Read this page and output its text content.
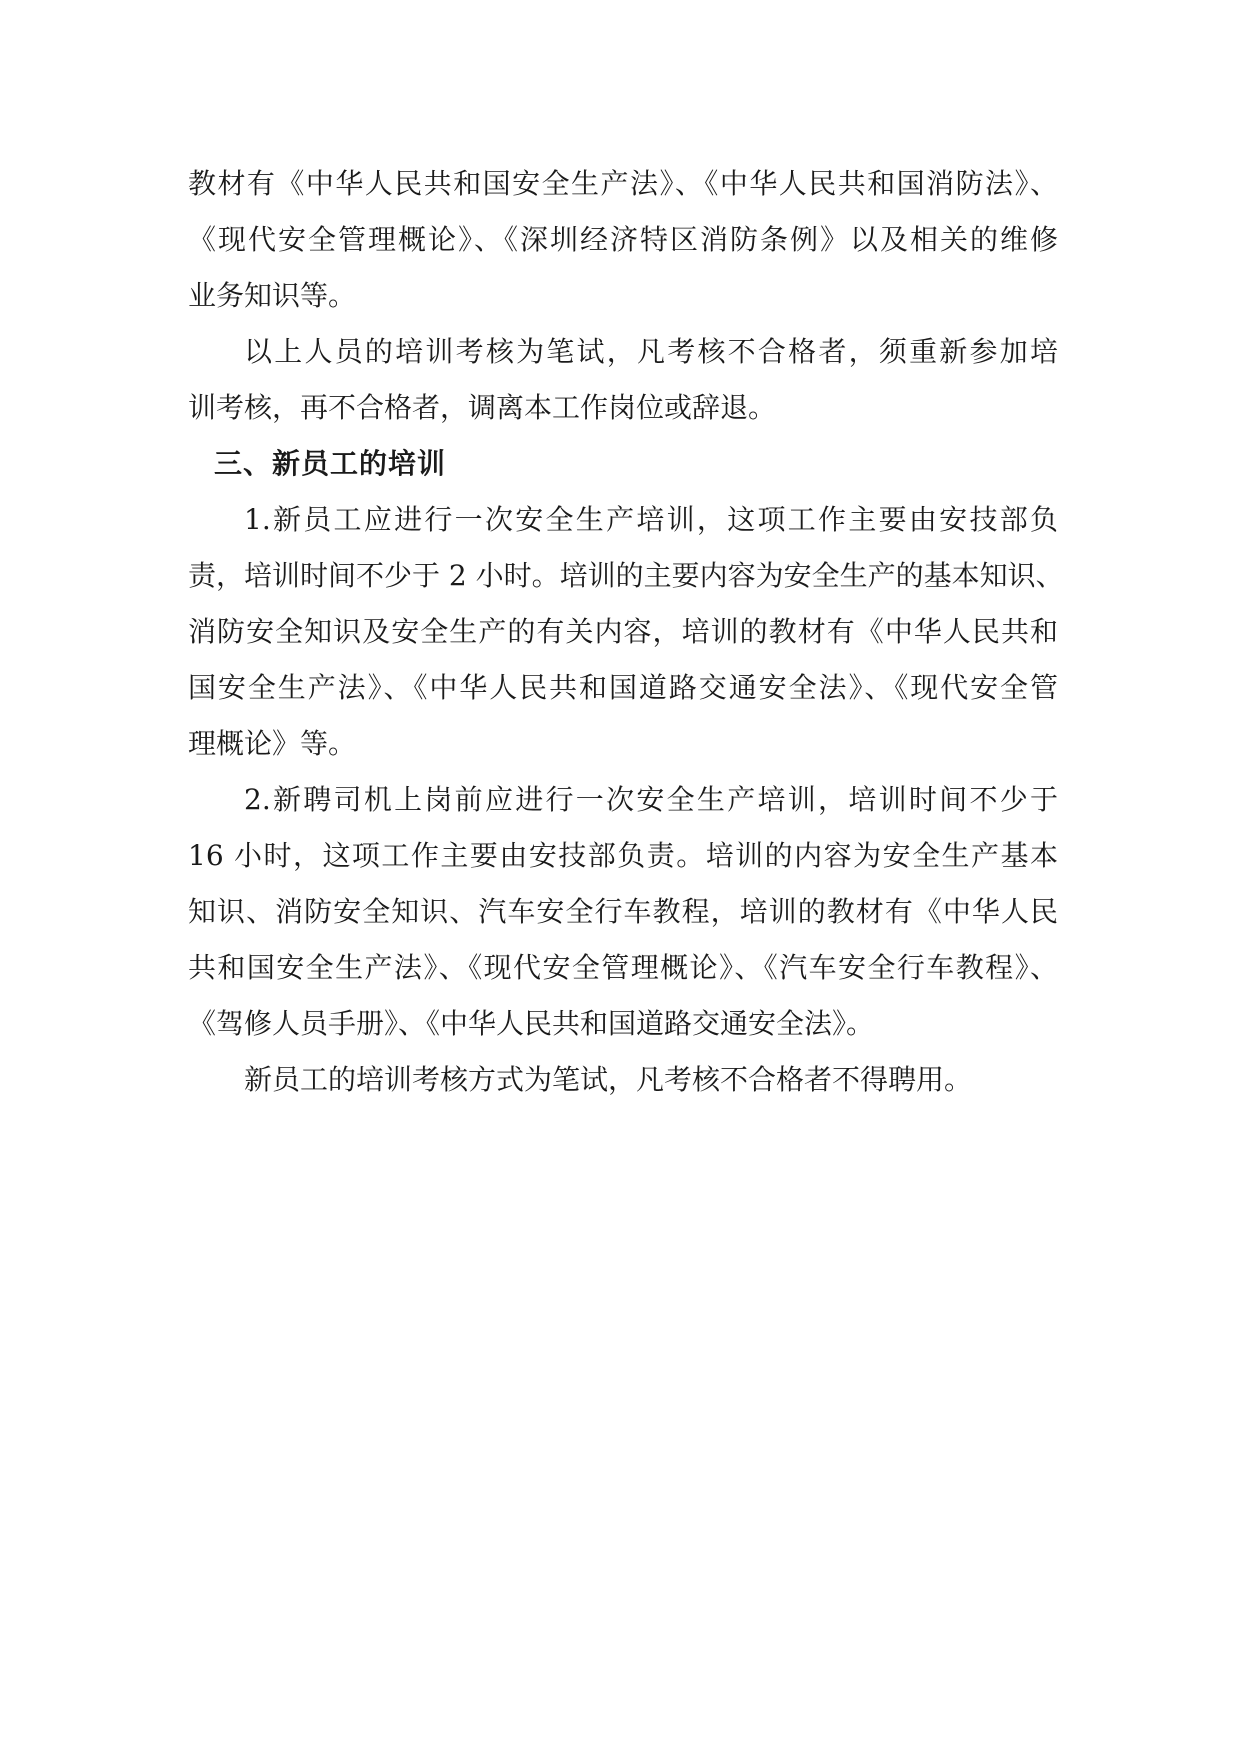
教材有《中华人民共和国安全生产法》、《中华人民共和国消防法》、
《现代安全管理概论》、《深圳经济特区消防条例》以及相关的维修
业务知识等。
以上人员的培训考核为笔试，凡考核不合格者，须重新参加培
训考核，再不合格者，调离本工作岗位或辞退。
三、新员工的培训
1.新员工应进行一次安全生产培训，这项工作主要由安技部负
责，培训时间不少于 2 小时。培训的主要内容为安全生产的基本知识、
消防安全知识及安全生产的有关内容，培训的教材有《中华人民共和
国安全生产法》、《中华人民共和国道路交通安全法》、《现代安全管
理概论》等。
2.新聘司机上岗前应进行一次安全生产培训，培训时间不少于
16 小时，这项工作主要由安技部负责。培训的内容为安全生产基本
知识、消防安全知识、汽车安全行车教程，培训的教材有《中华人民
共和国安全生产法》、《现代安全管理概论》、《汽车安全行车教程》、
《驾修人员手册》、《中华人民共和国道路交通安全法》。
新员工的培训考核方式为笔试，凡考核不合格者不得聘用。
